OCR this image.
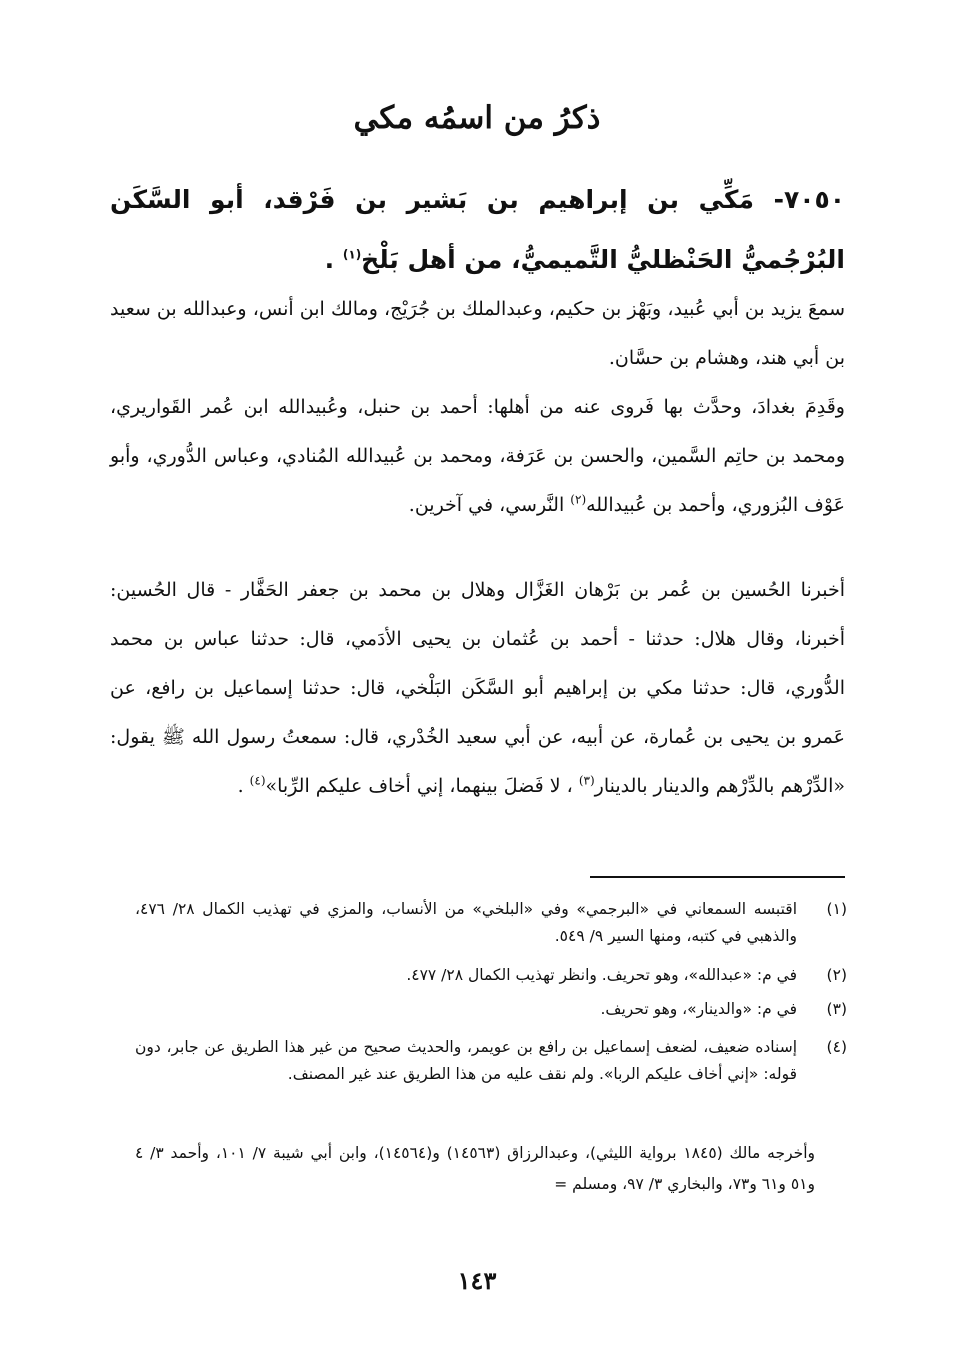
ذكرُ من اسمُه مكي
٧٠٥٠- مَكِّي بن إبراهيم بن بَشير بن فَرْقد، أبو السَّكَن البُرْجُميُّ الحَنْظليُّ التَّميميُّ، من أهل بَلْخ$^{(١)}$ .
سمعَ يزيد بن أبي عُبيد، وبَهْز بن حكيم، وعبدالملك بن جُرَيْج، ومالك ابن أنس، وعبدالله بن سعيد بن أبي هند، وهشام بن حسَّان.
وقَدِمَ بغدادَ، وحدَّث بها فَروى عنه من أهلها: أحمد بن حنبل، وعُبيدالله ابن عُمر القَواريري، ومحمد بن حاتِم السَّمين، والحسن بن عَرَفة، ومحمد بن عُبيدالله المُنادي، وعباس الدُّوري، وأبو عَوْف البُزوري، وأحمد بن عُبيدالله$^{(٢)}$ النَّرسي، في آخرين.
أخبرنا الحُسين بن عُمر بن بَرْهان الغَزَّال وهلال بن محمد بن جعفر الحَفَّار - قال الحُسين: أخبرنا، وقال هلال: حدثنا - أحمد بن عُثمان بن يحيى الأدَمي، قال: حدثنا عباس بن محمد الدُّوري، قال: حدثنا مكي بن إبراهيم أبو السَّكَن البَلْخي، قال: حدثنا إسماعيل بن رافع، عن عَمرو بن يحيى بن عُمارة، عن أبيه، عن أبي سعيد الخُدْري، قال: سمعتُ رسول الله ﷺ يقول: «الدِّرْهم بالدِّرْهم والدينار بالدينار$^{(٣)}$ ، لا فَضلَ بينهما، إني أخاف عليكم الرِّبا»$^{(٤)}$ .
(١)
اقتبسه السمعاني في «البرجمي» وفي «البلخي» من الأنساب، والمزي في تهذيب الكمال ٢٨/ ٤٧٦، والذهبي في كتبه، ومنها السير ٩/ ٥٤٩.
(٢)
في م: «عبدالله»، وهو تحريف. وانظر تهذيب الكمال ٢٨/ ٤٧٧.
(٣)
في م: «والدينار»، وهو تحريف.
(٤)
إسناده ضعيف، لضعف إسماعيل بن رافع بن عويمر، والحديث صحيح من غير هذا الطريق عن جابر، دون قوله: «إني أخاف عليكم الربا». ولم نقف عليه من هذا الطريق عند غير المصنف.
وأخرجه مالك (١٨٤٥ برواية الليثي)، وعبدالرزاق (١٤٥٦٣) و(١٤٥٦٤)، وابن أبي شيبة ٧/ ١٠١، وأحمد ٣/ ٤ و٥١ و٦١ و٧٣، والبخاري ٣/ ٩٧، ومسلم =
١٤٣
